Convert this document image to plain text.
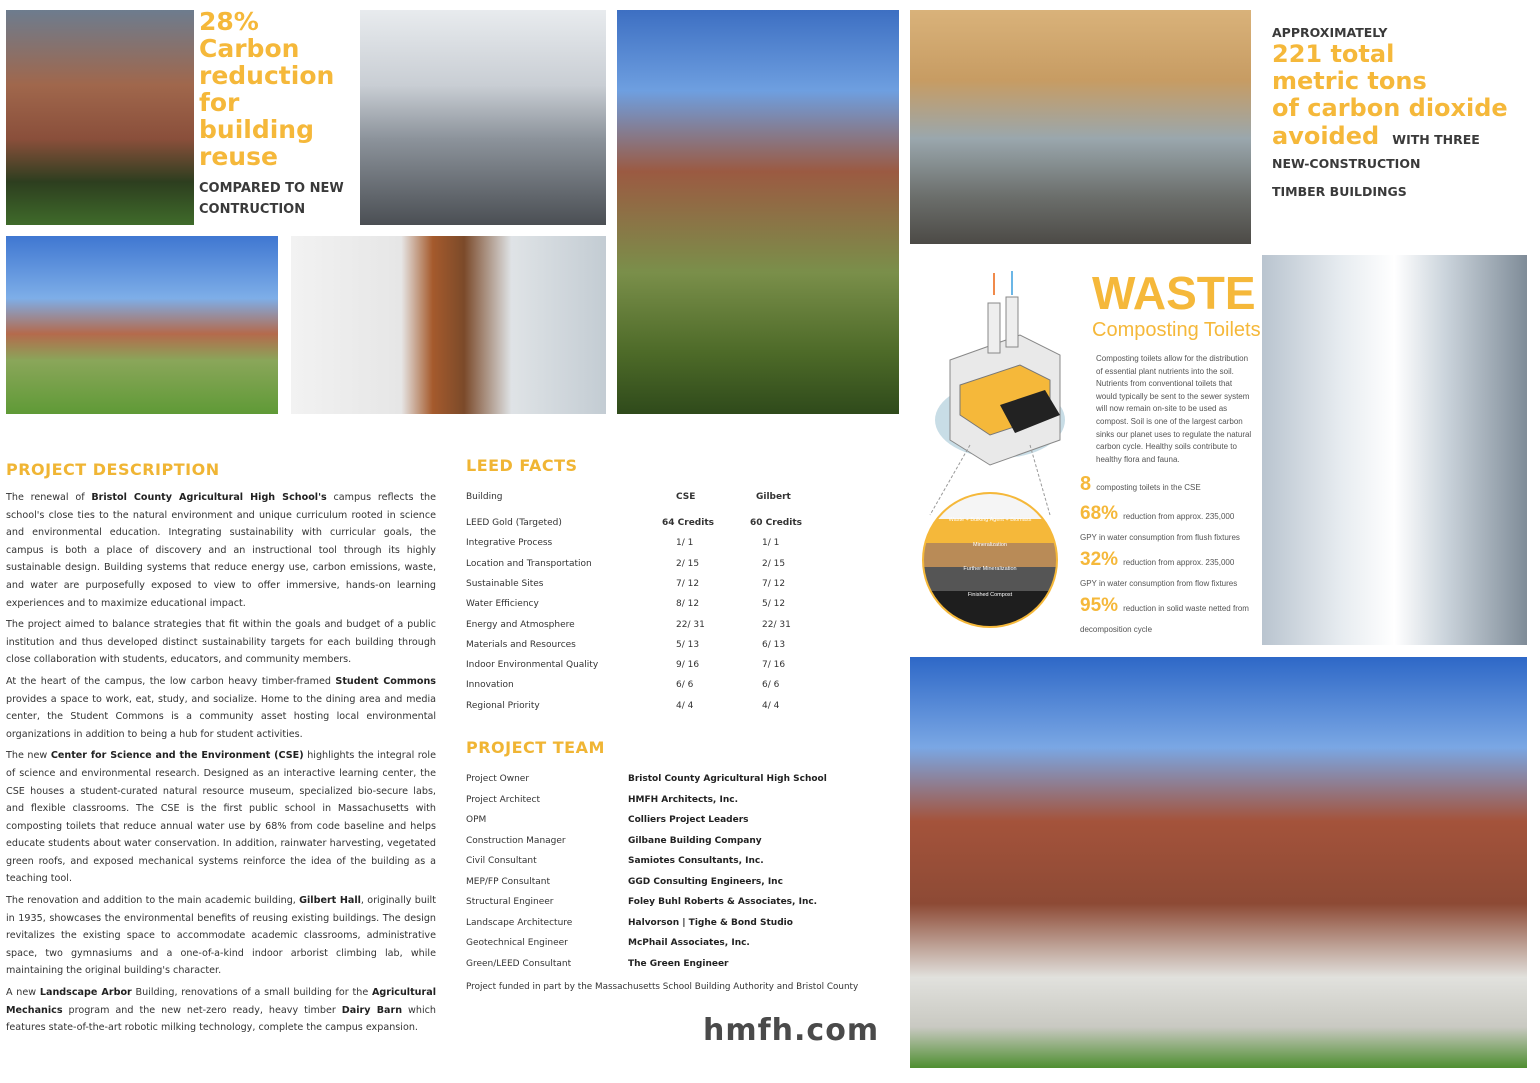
28%
Carbon
reduction
for
building
reuse
COMPARED TO NEW
CONTRUCTION
APPROXIMATELY
221 total
metric tons
of carbon dioxide
avoided WITH THREE
NEW-CONSTRUCTION
TIMBER BUILDINGS
PROJECT DESCRIPTION

The renewal of Bristol County Agricultural High School's campus reflects the school's close ties to the natural environment and unique curriculum rooted in science and environmental education. Integrating sustainability with curricular goals, the campus is both a place of discovery and an instructional tool through its highly sustainable design. Building systems that reduce energy use, carbon emissions, waste, and water are purposefully exposed to view to offer immersive, hands-on learning experiences and to maximize educational impact.

The project aimed to balance strategies that fit within the goals and budget of a public institution and thus developed distinct sustainability targets for each building through close collaboration with students, educators, and community members.

At the heart of the campus, the low carbon heavy timber-framed Student Commons provides a space to work, eat, study, and socialize. Home to the dining area and media center, the Student Commons is a community asset hosting local environmental organizations in addition to being a hub for student activities.

The new Center for Science and the Environment (CSE) highlights the integral role of science and environmental research. Designed as an interactive learning center, the CSE houses a student-curated natural resource museum, specialized bio-secure labs, and flexible classrooms. The CSE is the first public school in Massachusetts with composting toilets that reduce annual water use by 68% from code baseline and helps educate students about water conservation. In addition, rainwater harvesting, vegetated green roofs, and exposed mechanical systems reinforce the idea of the building as a teaching tool.

The renovation and addition to the main academic building, Gilbert Hall, originally built in 1935, showcases the environmental benefits of reusing existing buildings. The design revitalizes the existing space to accommodate academic classrooms, administrative space, two gymnasiums and a one-of-a-kind indoor arborist climbing lab, while maintaining the original building's character.

A new Landscape Arbor Building, renovations of a small building for the Agricultural Mechanics program and the new net-zero ready, heavy timber Dairy Barn which features state-of-the-art robotic milking technology, complete the campus expansion.

LEED FACTS
Building	CSE	Gilbert
LEED Gold (Targeted)	64 Credits	60 Credits
Integrative Process	1/ 1	1/ 1
Location and Transportation	2/ 15	2/ 15
Sustainable Sites	7/ 12	7/ 12
Water Efficiency	8/ 12	5/ 12
Energy and Atmosphere	22/ 31	22/ 31
Materials and Resources	5/ 13	6/ 13
Indoor Environmental Quality	9/ 16	7/ 16
Innovation	6/ 6	6/ 6
Regional Priority	4/ 4	4/ 4
PROJECT TEAM
Project Owner	Bristol County Agricultural High School
Project Architect	HMFH Architects, Inc.
OPM	Colliers Project Leaders
Construction Manager	Gilbane Building Company
Civil Consultant	Samiotes Consultants, Inc.
MEP/FP Consultant	GGD Consulting Engineers, Inc
Structural Engineer	Foley Buhl Roberts & Associates, Inc.
Landscape Architecture	Halvorson | Tighe & Bond Studio
Geotechnical Engineer	McPhail Associates, Inc.
Green/LEED Consultant	The Green Engineer
Project funded in part by the Massachusetts School Building Authority and Bristol County
hmfh.com
Waste + Bulking Agent + Biomass
Mineralization
Further Mineralization
Finished Compost
WASTE
Composting Toilets
Composting toilets allow for the distribution of essential plant nutrients into the soil. Nutrients from conventional toilets that would typically be sent to the sewer system will now remain on-site to be used as compost. Soil is one of the largest carbon sinks our planet uses to regulate the natural carbon cycle. Healthy soils contribute to healthy flora and fauna.
8 composting toilets in the CSE
68% reduction from approx. 235,000 GPY in water consumption from flush fixtures
32% reduction from approx. 235,000 GPY in water consumption from flow fixtures
95% reduction in solid waste netted from decomposition cycle
